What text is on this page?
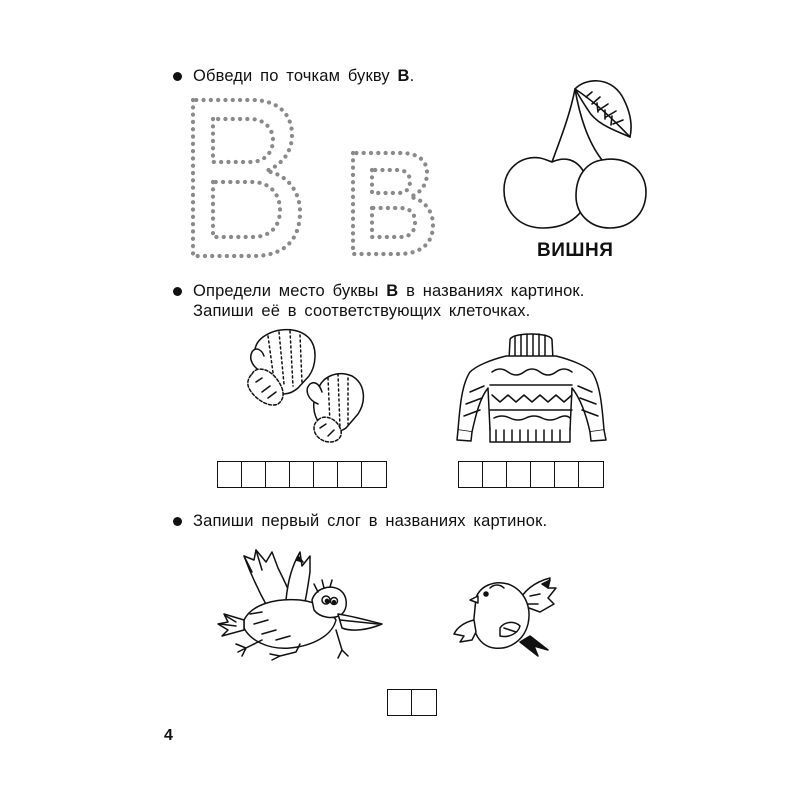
Обведи по точкам букву В.
ВИШНЯ
Определи место буквы В в названиях картинок.
Запиши её в соответствующих клеточках.
Запиши первый слог в названиях картинок.
4
